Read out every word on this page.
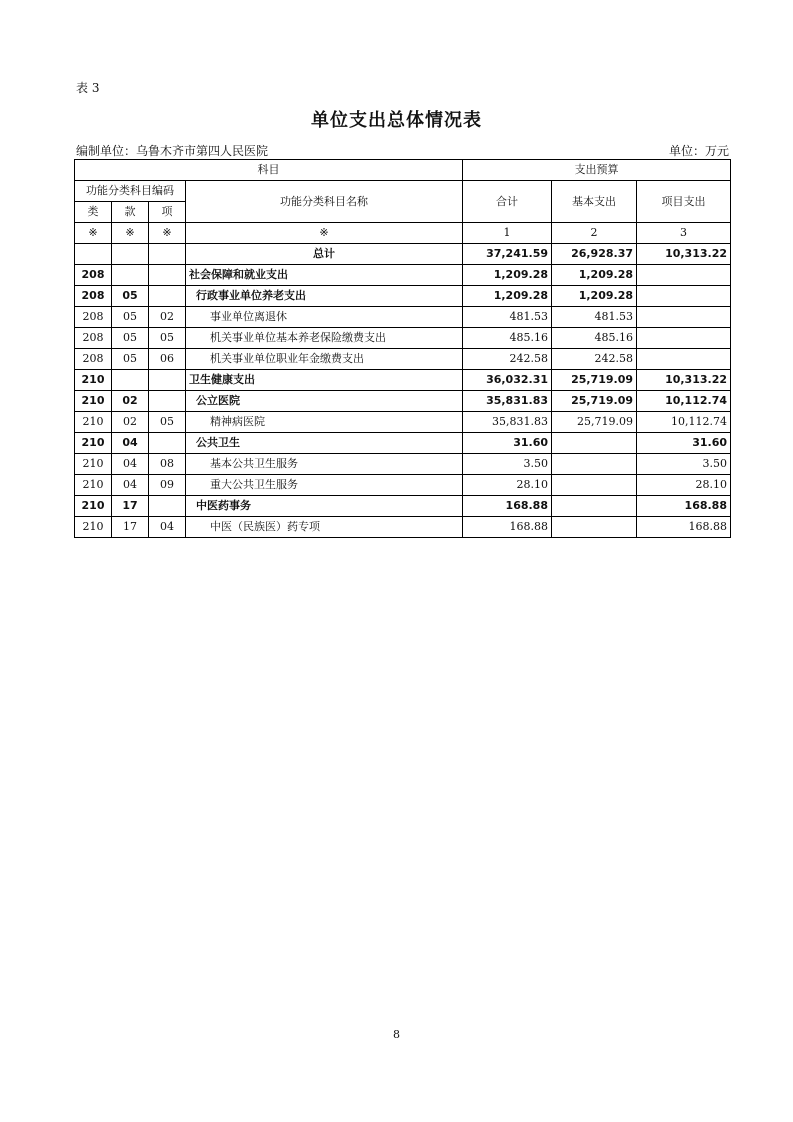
表 3
单位支出总体情况表
编制单位：乌鲁木齐市第四人民医院	单位：万元
科目				支出预算		
功能分类科目编码			功能分类科目名称	合计	基本支出	项目支出
类	款	项				
※	※	※	※	1	2	3
			总计	37,241.59	26,928.37	10,313.22
208			社会保障和就业支出	1,209.28	1,209.28	
208	05		行政事业单位养老支出	1,209.28	1,209.28	
208	05	02	事业单位离退休	481.53	481.53	
208	05	05	机关事业单位基本养老保险缴费支出	485.16	485.16	
208	05	06	机关事业单位职业年金缴费支出	242.58	242.58	
210			卫生健康支出	36,032.31	25,719.09	10,313.22
210	02		公立医院	35,831.83	25,719.09	10,112.74
210	02	05	精神病医院	35,831.83	25,719.09	10,112.74
210	04		公共卫生	31.60		31.60
210	04	08	基本公共卫生服务	3.50		3.50
210	04	09	重大公共卫生服务	28.10		28.10
210	17		中医药事务	168.88		168.88
210	17	04	中医（民族医）药专项	168.88		168.88
8
